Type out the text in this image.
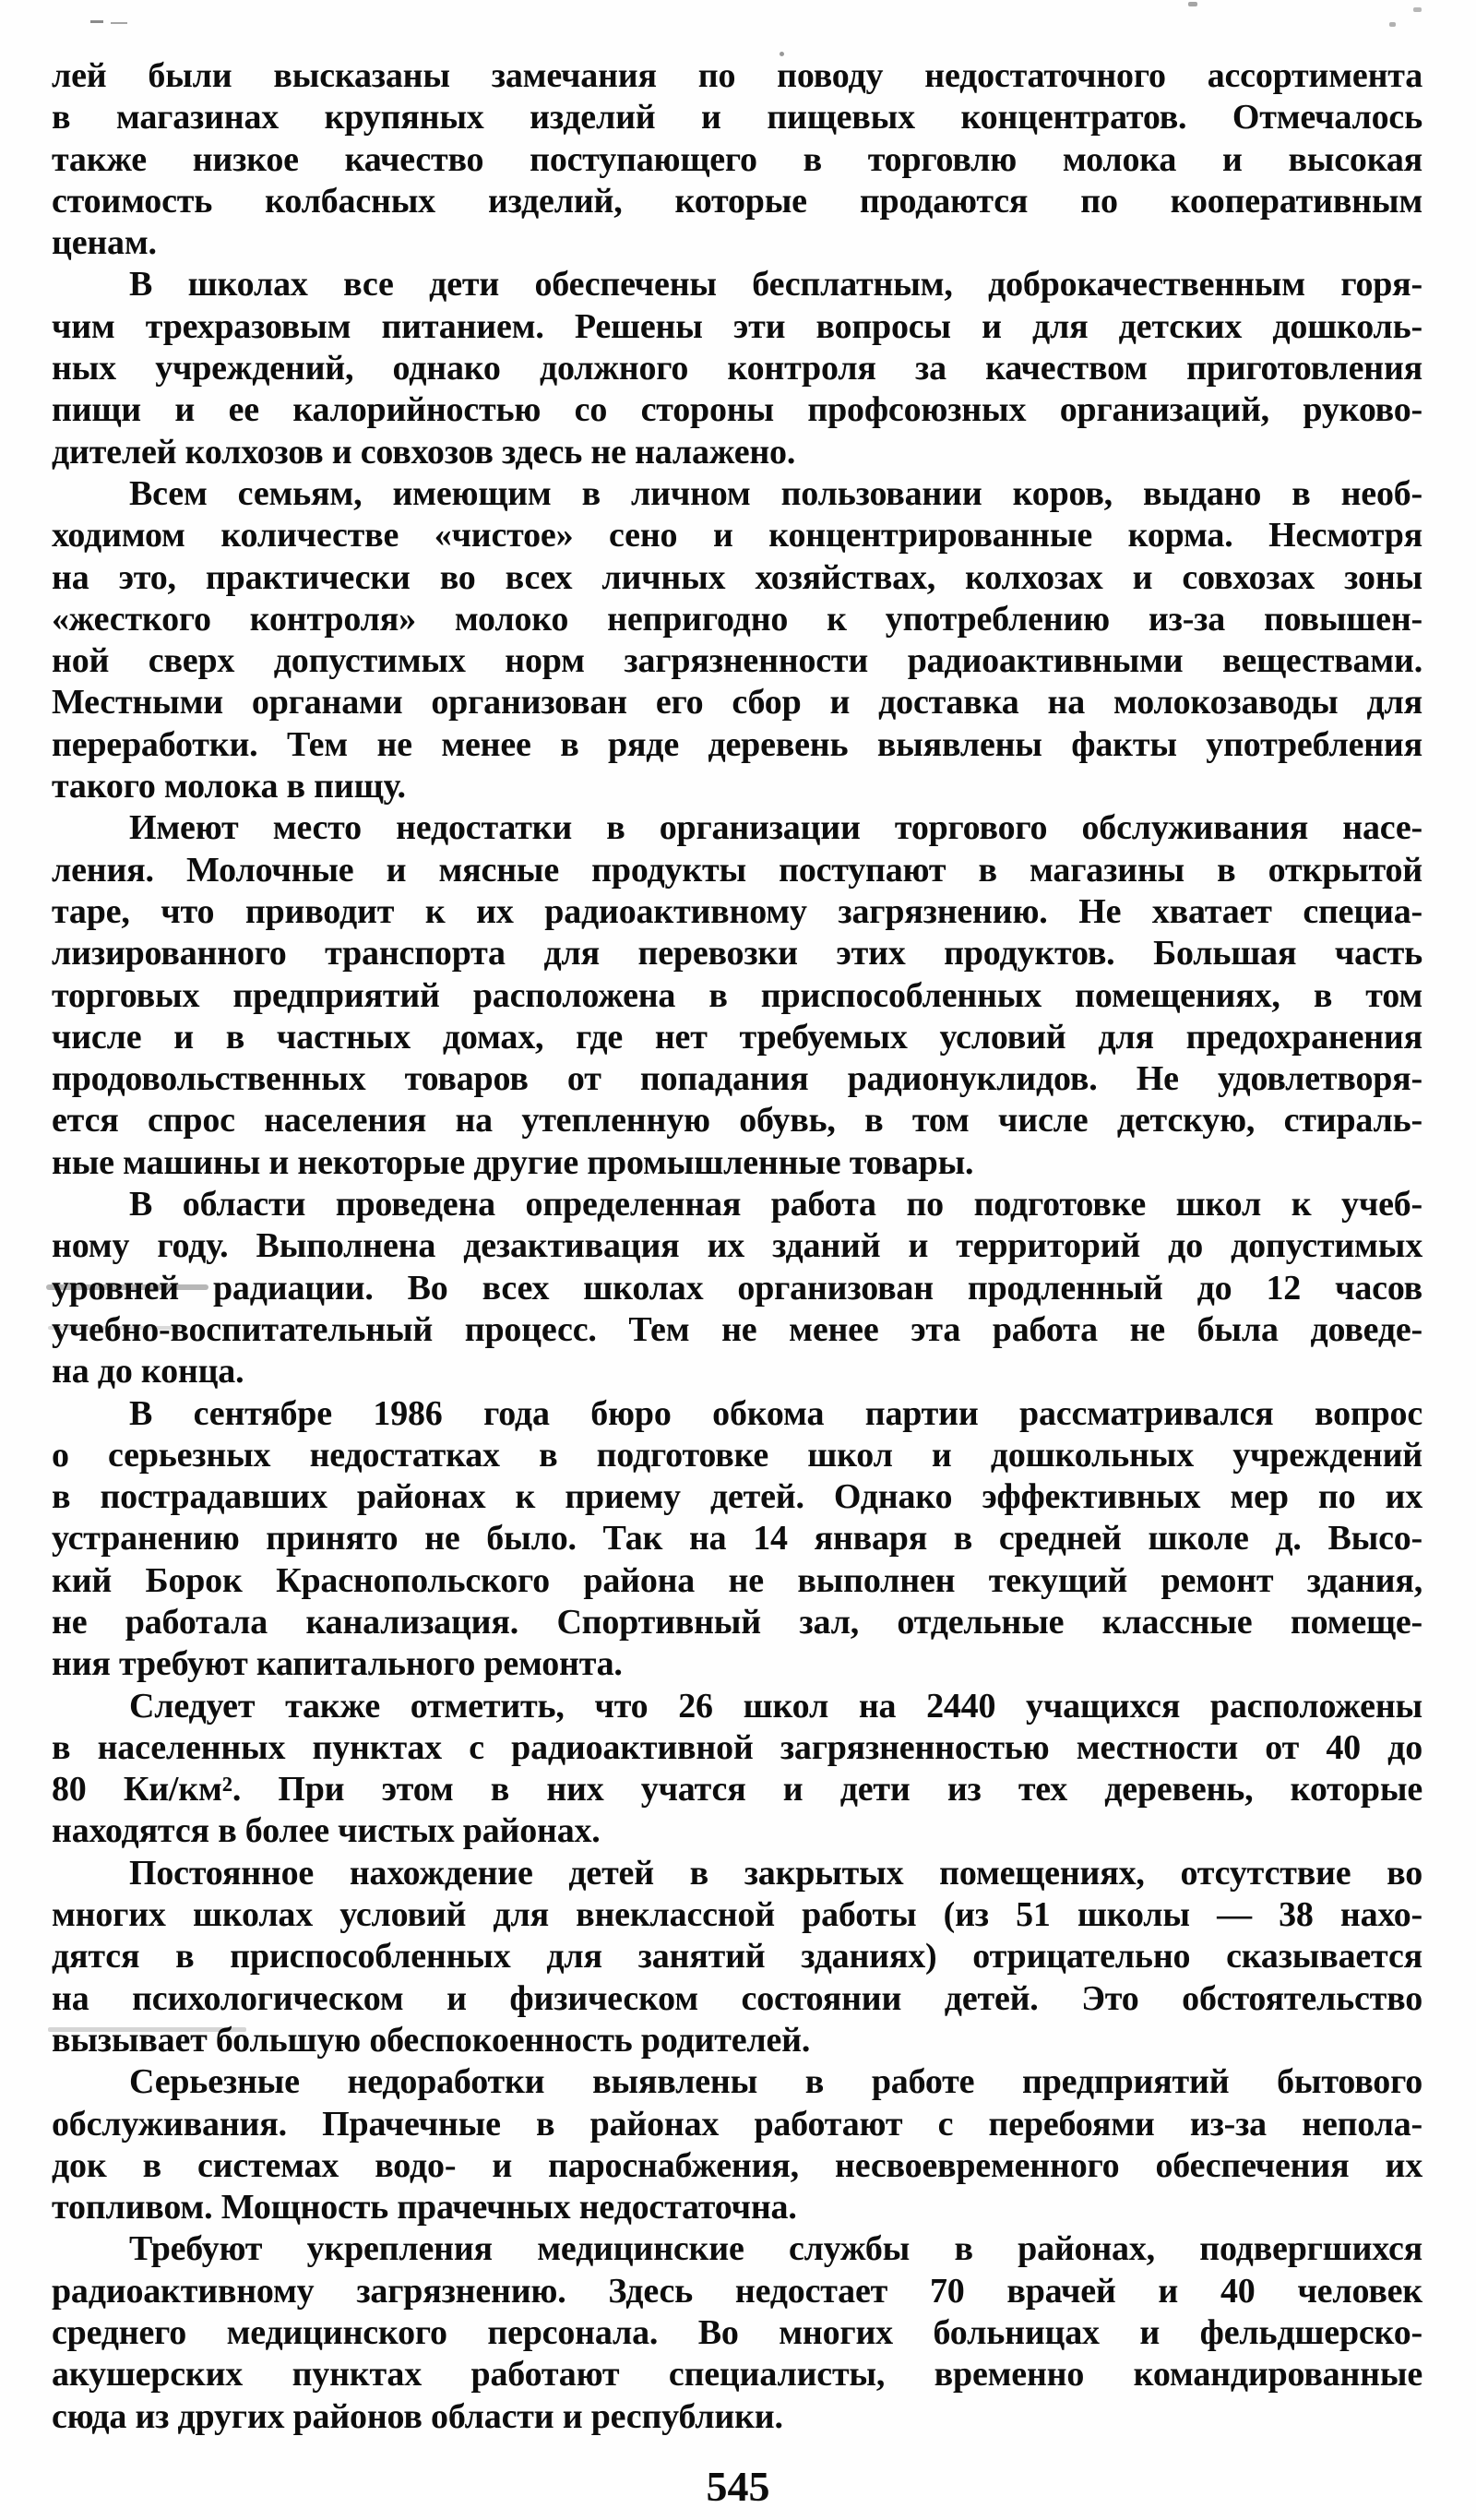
лей были высказаны замечания по поводу недостаточного ассортимента
в магазинах крупяных изделий и пищевых концентратов. Отмечалось
также низкое качество поступающего в торговлю молока и высокая
стоимость колбасных изделий, которые продаются по кооперативным
ценам.

В школах все дети обеспечены бесплатным, доброкачественным горя-
чим трехразовым питанием. Решены эти вопросы и для детских дошколь-
ных учреждений, однако должного контроля за качеством приготовления
пищи и ее калорийностью со стороны профсоюзных организаций, руково-
дителей колхозов и совхозов здесь не налажено.

Всем семьям, имеющим в личном пользовании коров, выдано в необ-
ходимом количестве «чистое» сено и концентрированные корма. Несмотря
на это, практически во всех личных хозяйствах, колхозах и совхозах зоны
«жесткого контроля» молоко непригодно к употреблению из-за повышен-
ной сверх допустимых норм загрязненности радиоактивными веществами.
Местными органами организован его сбор и доставка на молокозаводы для
переработки. Тем не менее в ряде деревень выявлены факты употребления
такого молока в пищу.

Имеют место недостатки в организации торгового обслуживания насе-
ления. Молочные и мясные продукты поступают в магазины в открытой
таре, что приводит к их радиоактивному загрязнению. Не хватает специа-
лизированного транспорта для перевозки этих продуктов. Большая часть
торговых предприятий расположена в приспособленных помещениях, в том
числе и в частных домах, где нет требуемых условий для предохранения
продовольственных товаров от попадания радионуклидов. Не удовлетворя-
ется спрос населения на утепленную обувь, в том числе детскую, стираль-
ные машины и некоторые другие промышленные товары.

В области проведена определенная работа по подготовке школ к учеб-
ному году. Выполнена дезактивация их зданий и территорий до допустимых
уровней радиации. Во всех школах организован продленный до 12 часов
учебно-воспитательный процесс. Тем не менее эта работа не была доведе-
на до конца.

В сентябре 1986 года бюро обкома партии рассматривался вопрос
о серьезных недостатках в подготовке школ и дошкольных учреждений
в пострадавших районах к приему детей. Однако эффективных мер по их
устранению принято не было. Так на 14 января в средней школе д. Высо-
кий Борок Краснопольского района не выполнен текущий ремонт здания,
не работала канализация. Спортивный зал, отдельные классные помеще-
ния требуют капитального ремонта.

Следует также отметить, что 26 школ на 2440 учащихся расположены
в населенных пунктах с радиоактивной загрязненностью местности от 40 до
80 Ки/км². При этом в них учатся и дети из тех деревень, которые
находятся в более чистых районах.

Постоянное нахождение детей в закрытых помещениях, отсутствие во
многих школах условий для внеклассной работы (из 51 школы — 38 нахо-
дятся в приспособленных для занятий зданиях) отрицательно сказывается
на психологическом и физическом состоянии детей. Это обстоятельство
вызывает большую обеспокоенность родителей.

Серьезные недоработки выявлены в работе предприятий бытового
обслуживания. Прачечные в районах работают с перебоями из-за непола-
док в системах водо- и пароснабжения, несвоевременного обеспечения их
топливом. Мощность прачечных недостаточна.

Требуют укрепления медицинские службы в районах, подвергшихся
радиоактивному загрязнению. Здесь недостает 70 врачей и 40 человек
среднего медицинского персонала. Во многих больницах и фельдшерско-
акушерских пунктах работают специалисты, временно командированные
сюда из других районов области и республики.

545
